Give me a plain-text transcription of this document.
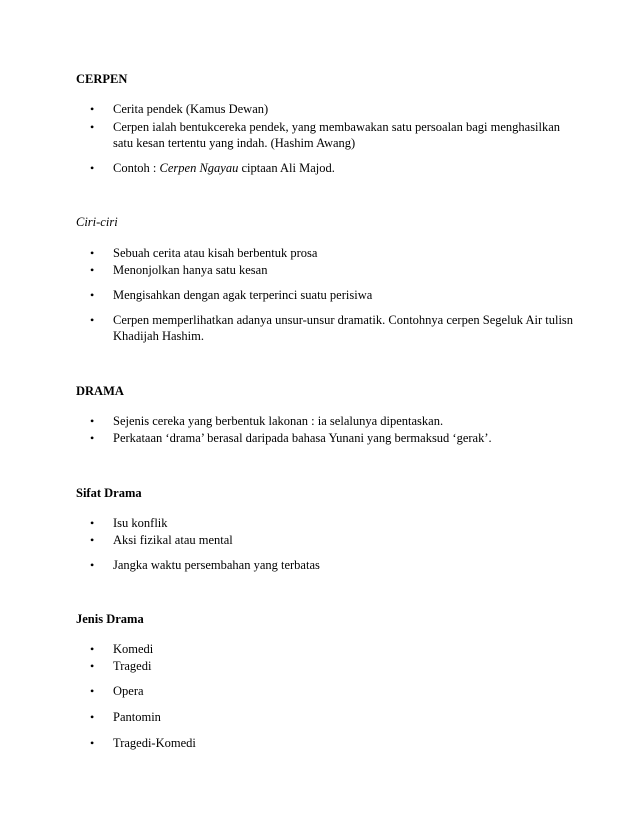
CERPEN
•	Cerita pendek (Kamus Dewan)
•	Cerpen ialah bentukcereka pendek, yang membawakan satu persoalan bagi menghasilkan satu kesan tertentu yang indah. (Hashim Awang)
•	Contoh : Cerpen Ngayau ciptaan Ali Majod.
Ciri-ciri
•	Sebuah cerita atau kisah berbentuk prosa
•	Menonjolkan hanya satu kesan
•	Mengisahkan dengan agak terperinci suatu perisiwa
•	Cerpen memperlihatkan adanya unsur-unsur dramatik. Contohnya cerpen Segeluk Air tulisn Khadijah Hashim.
DRAMA
•	Sejenis cereka yang berbentuk lakonan : ia selalunya dipentaskan.
•	Perkataan ‘drama’ berasal daripada bahasa Yunani yang bermaksud ‘gerak’.
Sifat Drama
•	Isu konflik
•	Aksi fizikal atau mental
•	Jangka waktu persembahan yang terbatas
Jenis Drama
•	Komedi
•	Tragedi
•	Opera
•	Pantomin
•	Tragedi-Komedi
